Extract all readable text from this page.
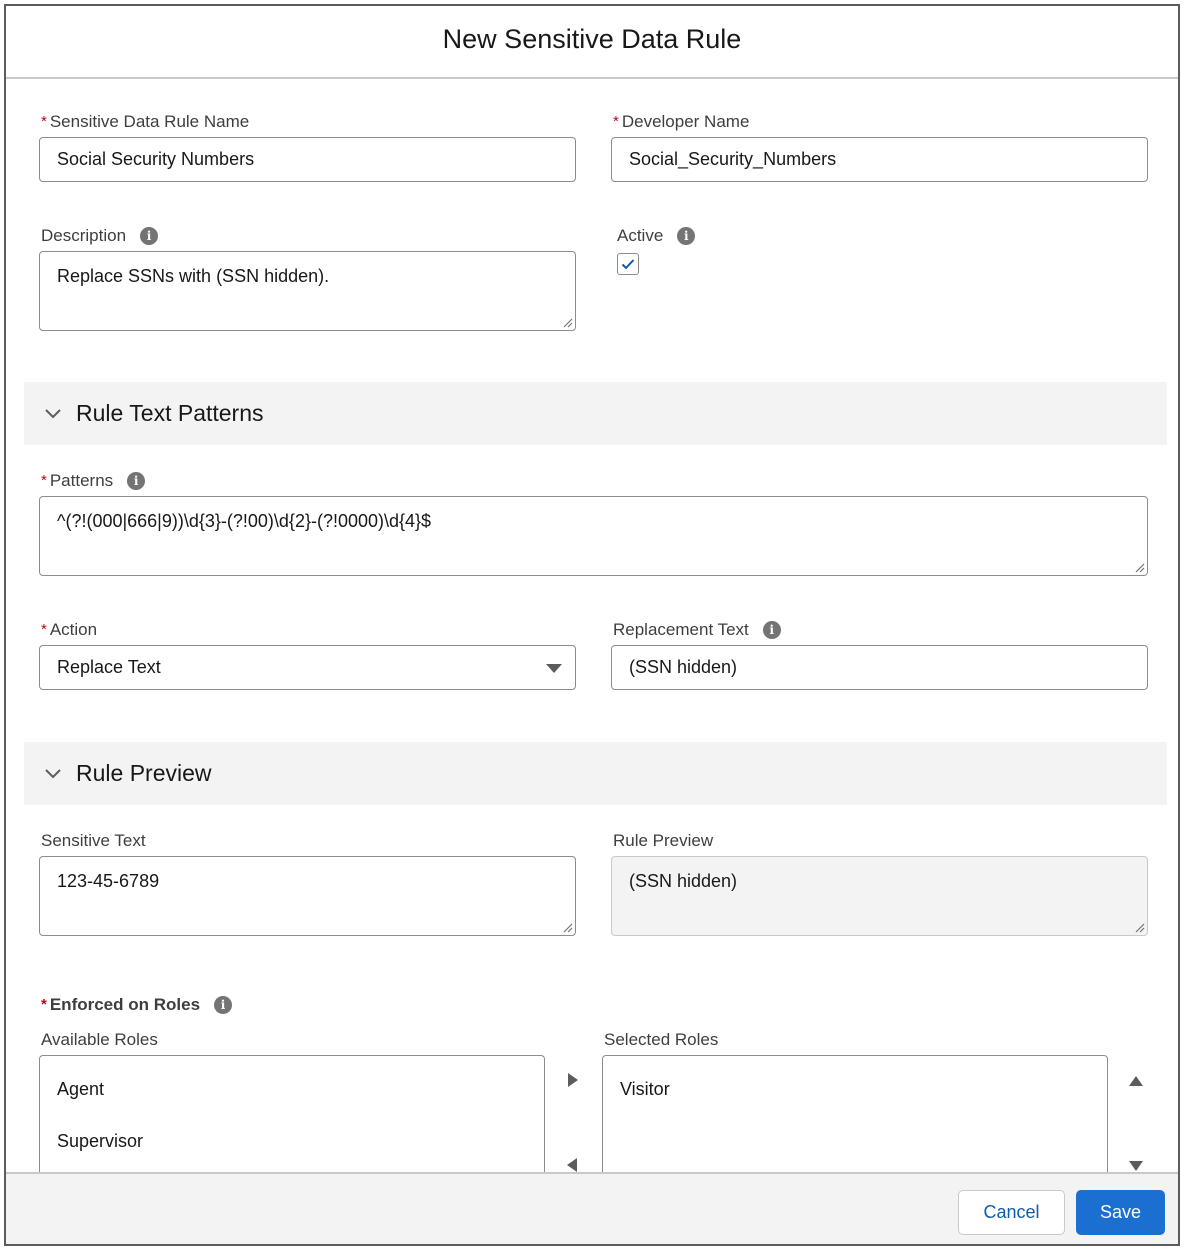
New Sensitive Data Rule
* Sensitive Data Rule Name
Social Security Numbers
* Developer Name
Social_Security_Numbers
Description	i
Replace SSNs with (SSN hidden).
Active	i
Rule Text Patterns
* Patterns	i
^(?!(000|666|9))\d{3}-(?!00)\d{2}-(?!0000)\d{4}$
* Action
Replace Text
Replacement Text	i
(SSN hidden)
Rule Preview
Sensitive Text
123-45-6789
Rule Preview
(SSN hidden)
* Enforced on Roles	i
Available Roles
Agent
Supervisor
Selected Roles
Visitor
Cancel	Save
